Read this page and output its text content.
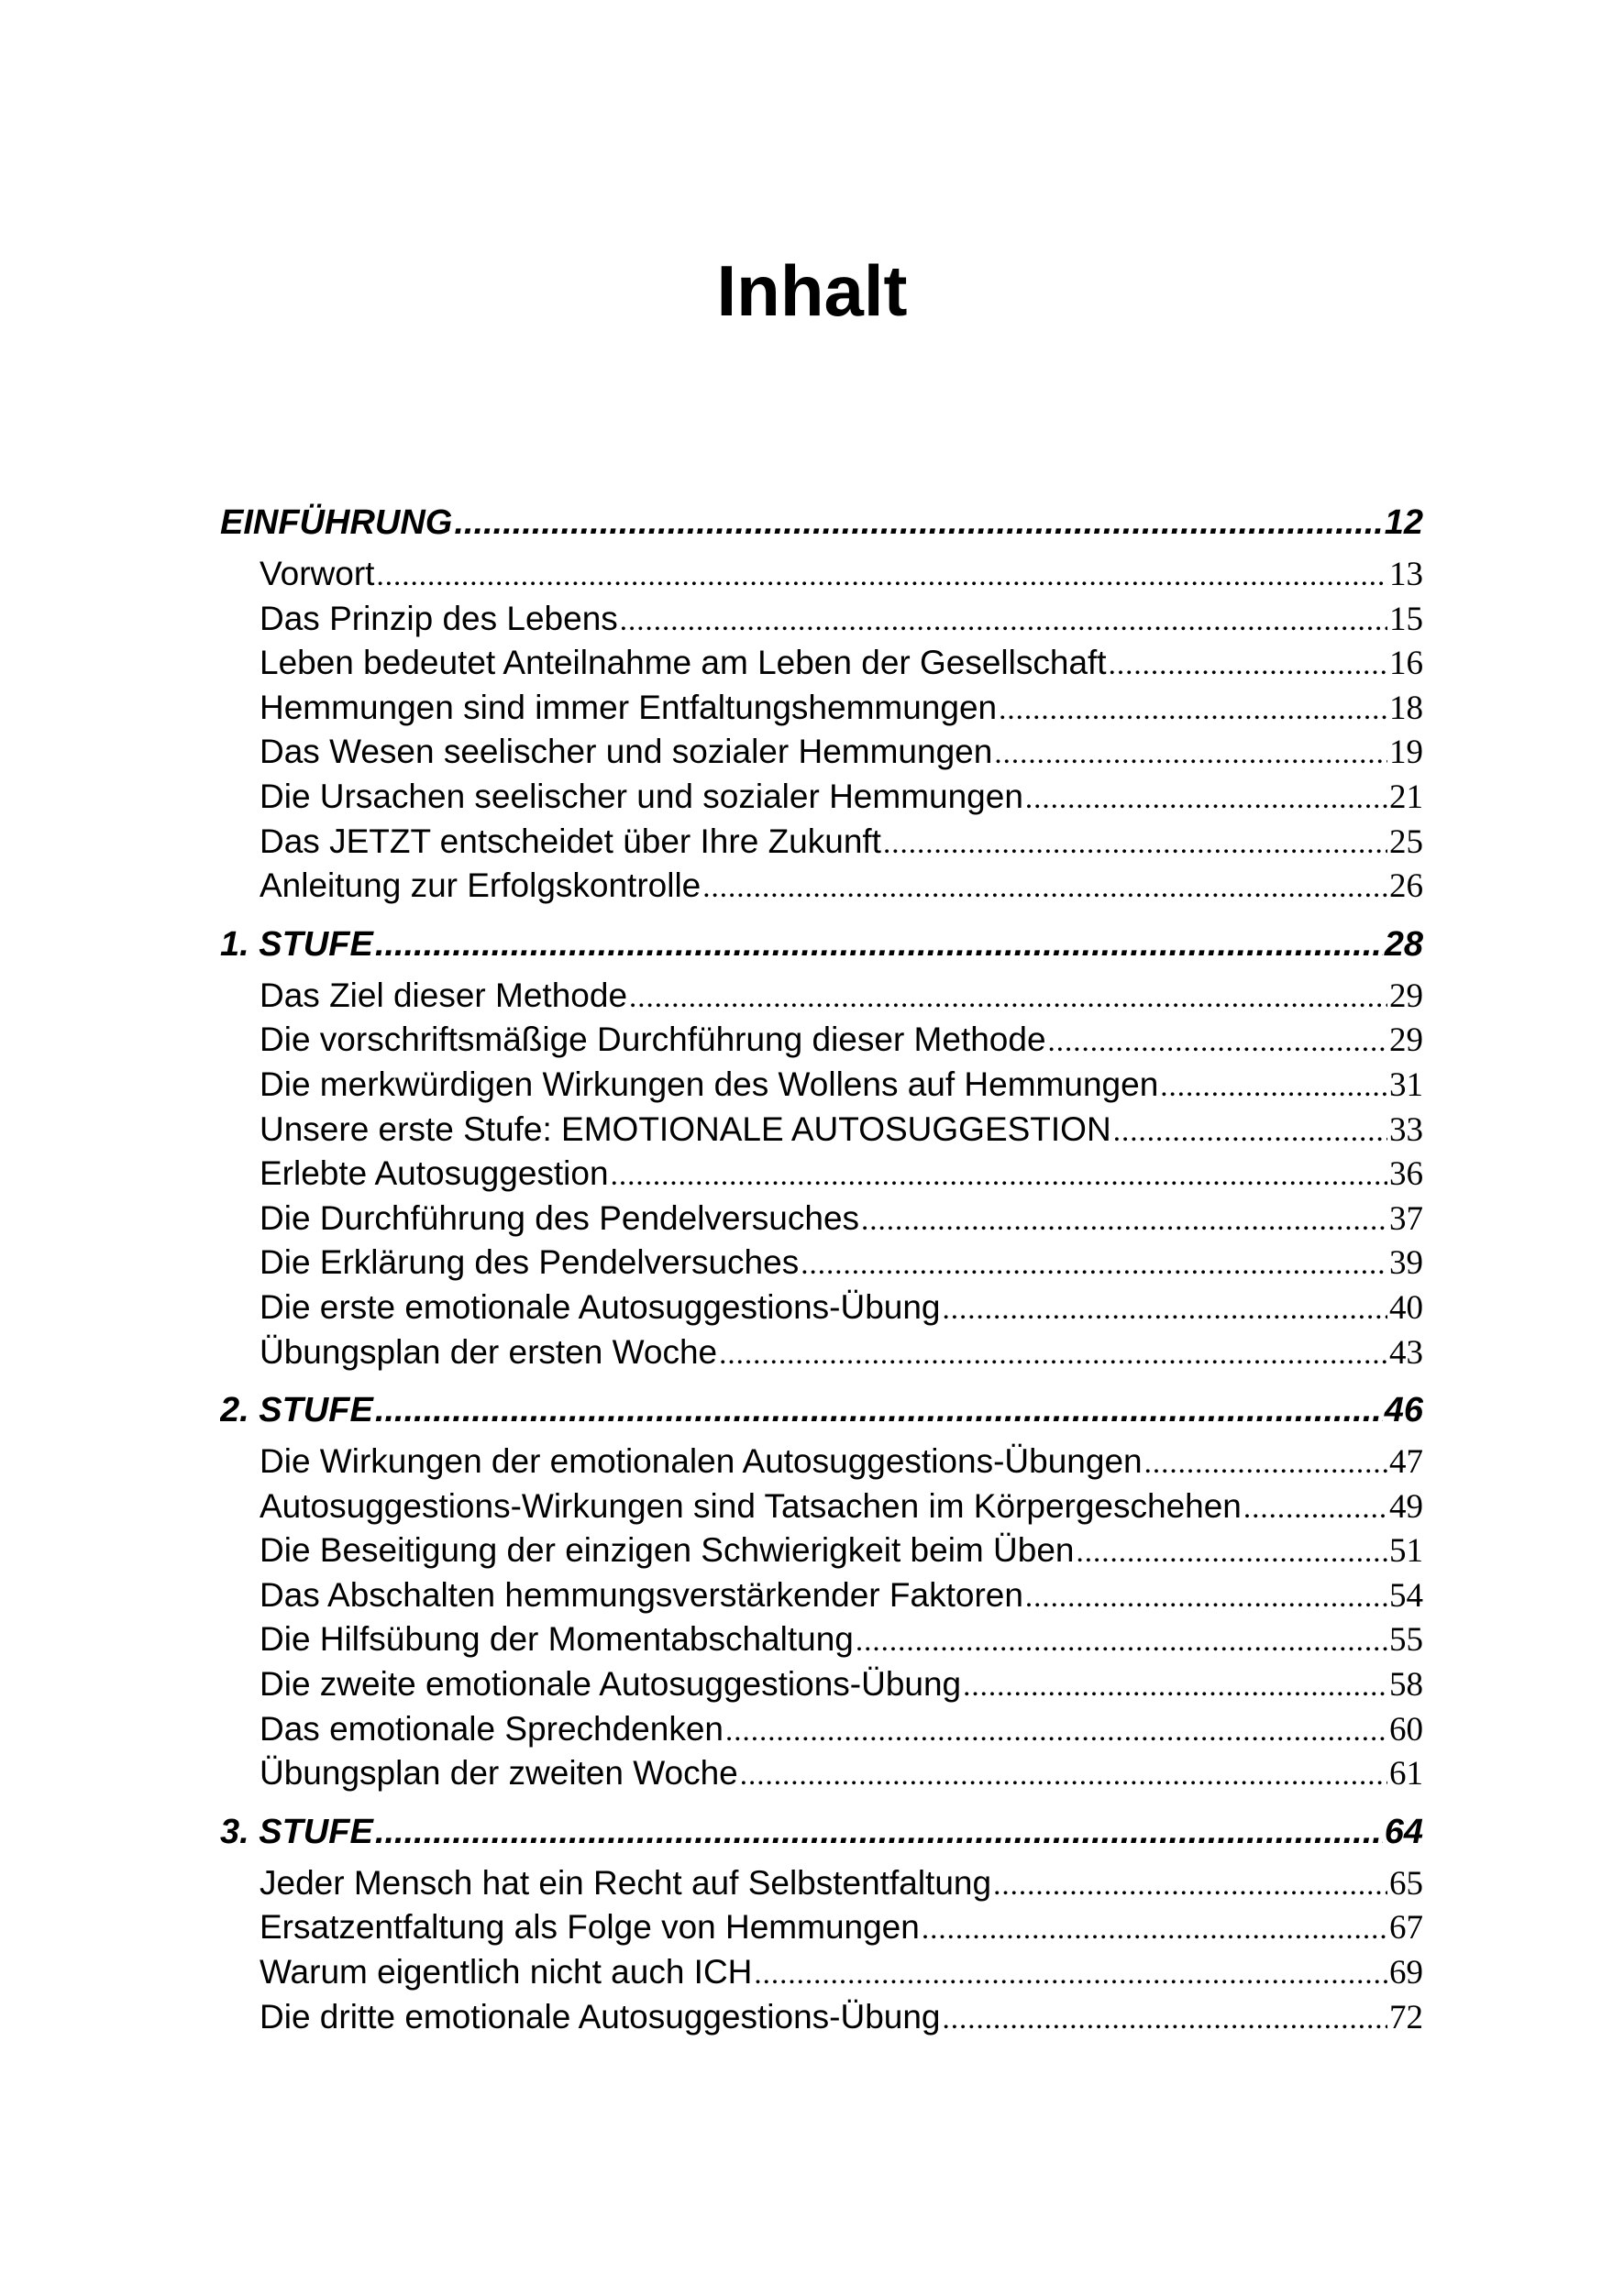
Inhalt
EINFÜHRUNG .....	12
Vorwort .....	13
Das Prinzip des Lebens .....	15
Leben bedeutet Anteilnahme am Leben der Gesellschaft .....	16
Hemmungen sind immer Entfaltungshemmungen .....	18
Das Wesen seelischer und sozialer Hemmungen .....	19
Die Ursachen seelischer und sozialer Hemmungen .....	21
Das JETZT entscheidet über Ihre Zukunft .....	25
Anleitung zur Erfolgskontrolle .....	26
1. STUFE .....	28
Das Ziel dieser Methode .....	29
Die vorschriftsmäßige Durchführung dieser Methode .....	29
Die merkwürdigen Wirkungen des Wollens auf Hemmungen .....	31
Unsere erste Stufe: EMOTIONALE AUTOSUGGESTION .....	33
Erlebte Autosuggestion .....	36
Die Durchführung des Pendelversuches .....	37
Die Erklärung des Pendelversuches .....	39
Die erste emotionale Autosuggestions-Übung .....	40
Übungsplan der ersten Woche .....	43
2. STUFE .....	46
Die Wirkungen der emotionalen Autosuggestions-Übungen .....	47
Autosuggestions-Wirkungen sind Tatsachen im Körpergeschehen .....	49
Die Beseitigung der einzigen Schwierigkeit beim Üben .....	51
Das Abschalten hemmungsverstärkender Faktoren .....	54
Die Hilfsübung der Momentabschaltung .....	55
Die zweite emotionale Autosuggestions-Übung .....	58
Das emotionale Sprechdenken .....	60
Übungsplan der zweiten Woche .....	61
3. STUFE .....	64
Jeder Mensch hat ein Recht auf Selbstentfaltung .....	65
Ersatzentfaltung als Folge von Hemmungen .....	67
Warum eigentlich nicht auch ICH .....	69
Die dritte emotionale Autosuggestions-Übung .....	72
